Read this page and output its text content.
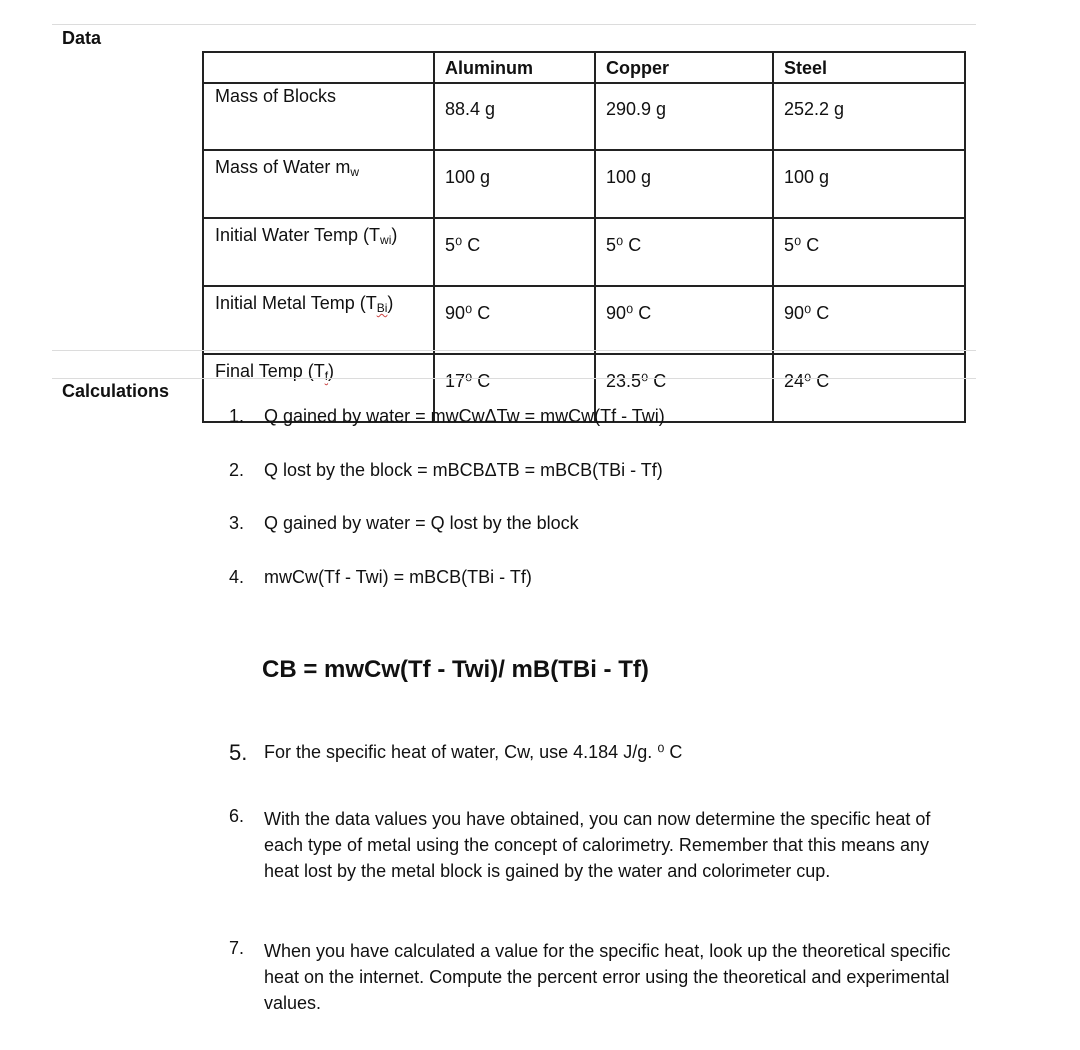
Data
	Aluminum	Copper	Steel
Mass of Blocks	88.4 g	290.9 g	252.2 g
Mass of Water $m_w$	100 g	100 g	100 g
Initial Water Temp $(T_{wi})$	5⁰ C	5⁰ C	5⁰ C
Initial Metal Temp $(T_{Bi})$	90⁰ C	90⁰ C	90⁰ C
Final Temp $(T_f)$	17⁰ C	23.5⁰ C	24⁰ C
Calculations
1. Q gained by water = mwCwΔTw = mwCw(Tf - Twi)
2. Q lost by the block = mBCBΔTB = mBCB(TBi - Tf)
3. Q gained by water = Q lost by the block
4. mwCw(Tf - Twi) = mBCB(TBi - Tf)
CB = mwCw(Tf - Twi)/ mB(TBi - Tf)
5. For the specific heat of water, Cw, use 4.184 J/g. ⁰ C
6. With the data values you have obtained, you can now determine the specific heat of each type of metal using the concept of calorimetry. Remember that this means any heat lost by the metal block is gained by the water and colorimeter cup.
7. When you have calculated a value for the specific heat, look up the theoretical specific heat on the internet. Compute the percent error using the theoretical and experimental values.
